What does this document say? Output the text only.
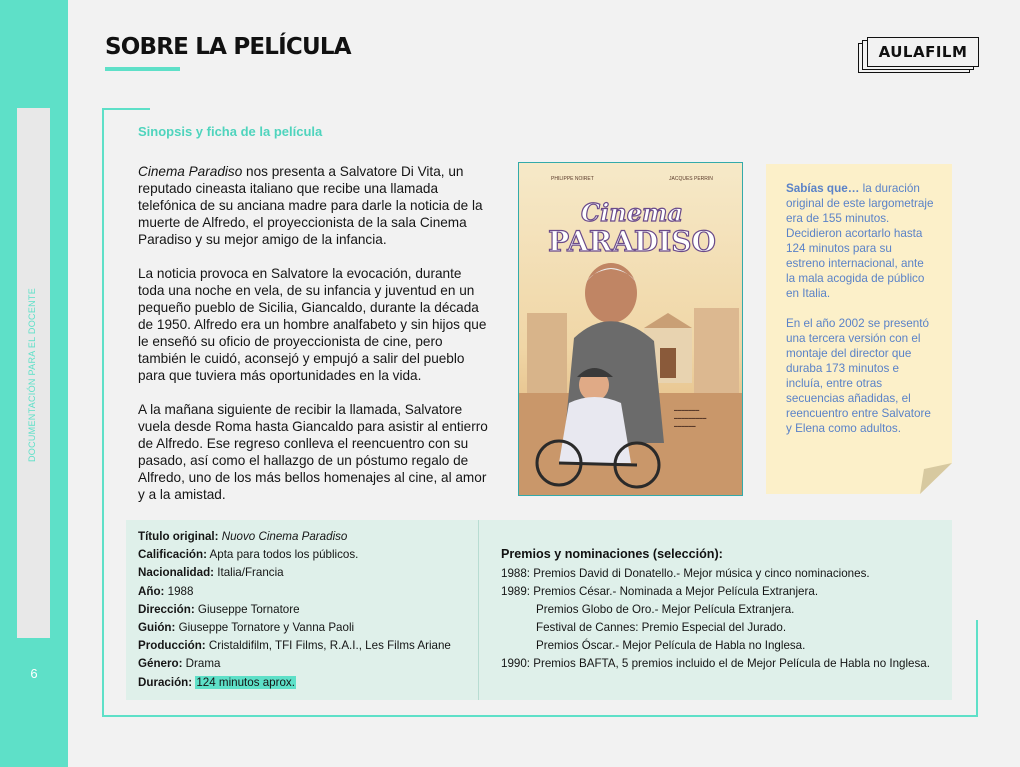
DOCUMENTACIÓN PARA EL DOCENTE
6
SOBRE LA PELÍCULA	AULAFILM
Sinopsis y ficha de la película

Cinema Paradiso nos presenta a Salvatore Di Vita, un reputado cineasta italiano que recibe una llamada telefónica de su anciana madre para darle la noticia de la muerte de Alfredo, el proyeccionista de la sala Cinema Paradiso y su mejor amigo de la infancia.

La noticia provoca en Salvatore la evocación, durante toda una noche en vela, de su infancia y juventud en un pequeño pueblo de Sicilia, Giancaldo, durante la década de 1950. Alfredo era un hombre analfabeto y sin hijos que le enseñó su oficio de proyeccionista de cine, pero también le cuidó, aconsejó y empujó a salir del pueblo para que tuviera más oportunidades en la vida.

A la mañana siguiente de recibir la llamada, Salvatore vuela desde Roma hasta Giancaldo para asistir al entierro de Alfredo. Ese regreso conlleva el reencuentro con su pasado, así como el hallazgo de un póstumo regalo de Alfredo, uno de los más bellos homenajes al cine, al amor y a la amistad.

PHILIPPE NOIRET	JACQUES PERRIN
Cinema
PARADISO
▬▬▬▬▬▬▬
▬▬▬▬▬▬▬▬▬
▬▬▬▬▬▬

Sabías que… la duración original de este largometraje era de 155 minutos. Decidieron acortarlo hasta 124 minutos para su estreno internacional, ante la mala acogida de público en Italia.

En el año 2002 se presentó una tercera versión con el montaje del director que duraba 173 minutos e incluía, entre otras secuencias añadidas, el reencuentro entre Salvatore y Elena como adultos.

Título original: Nuovo Cinema Paradiso
Calificación: Apta para todos los públicos.
Nacionalidad: Italia/Francia
Año: 1988
Dirección: Giuseppe Tornatore
Guión: Giuseppe Tornatore y Vanna Paoli
Producción: Cristaldifilm, TFI Films, R.A.I., Les Films Ariane
Género: Drama
Duración: 124 minutos aprox.
Premios y nominaciones (selección):
1988: Premios David di Donatello.- Mejor música y cinco nominaciones.
1989: Premios César.- Nominada a Mejor Película Extranjera.
Premios Globo de Oro.- Mejor Película Extranjera.
Festival de Cannes: Premio Especial del Jurado.
Premios Óscar.- Mejor Película de Habla no Inglesa.
1990: Premios BAFTA, 5 premios incluido el de Mejor Película de Habla no Inglesa.
